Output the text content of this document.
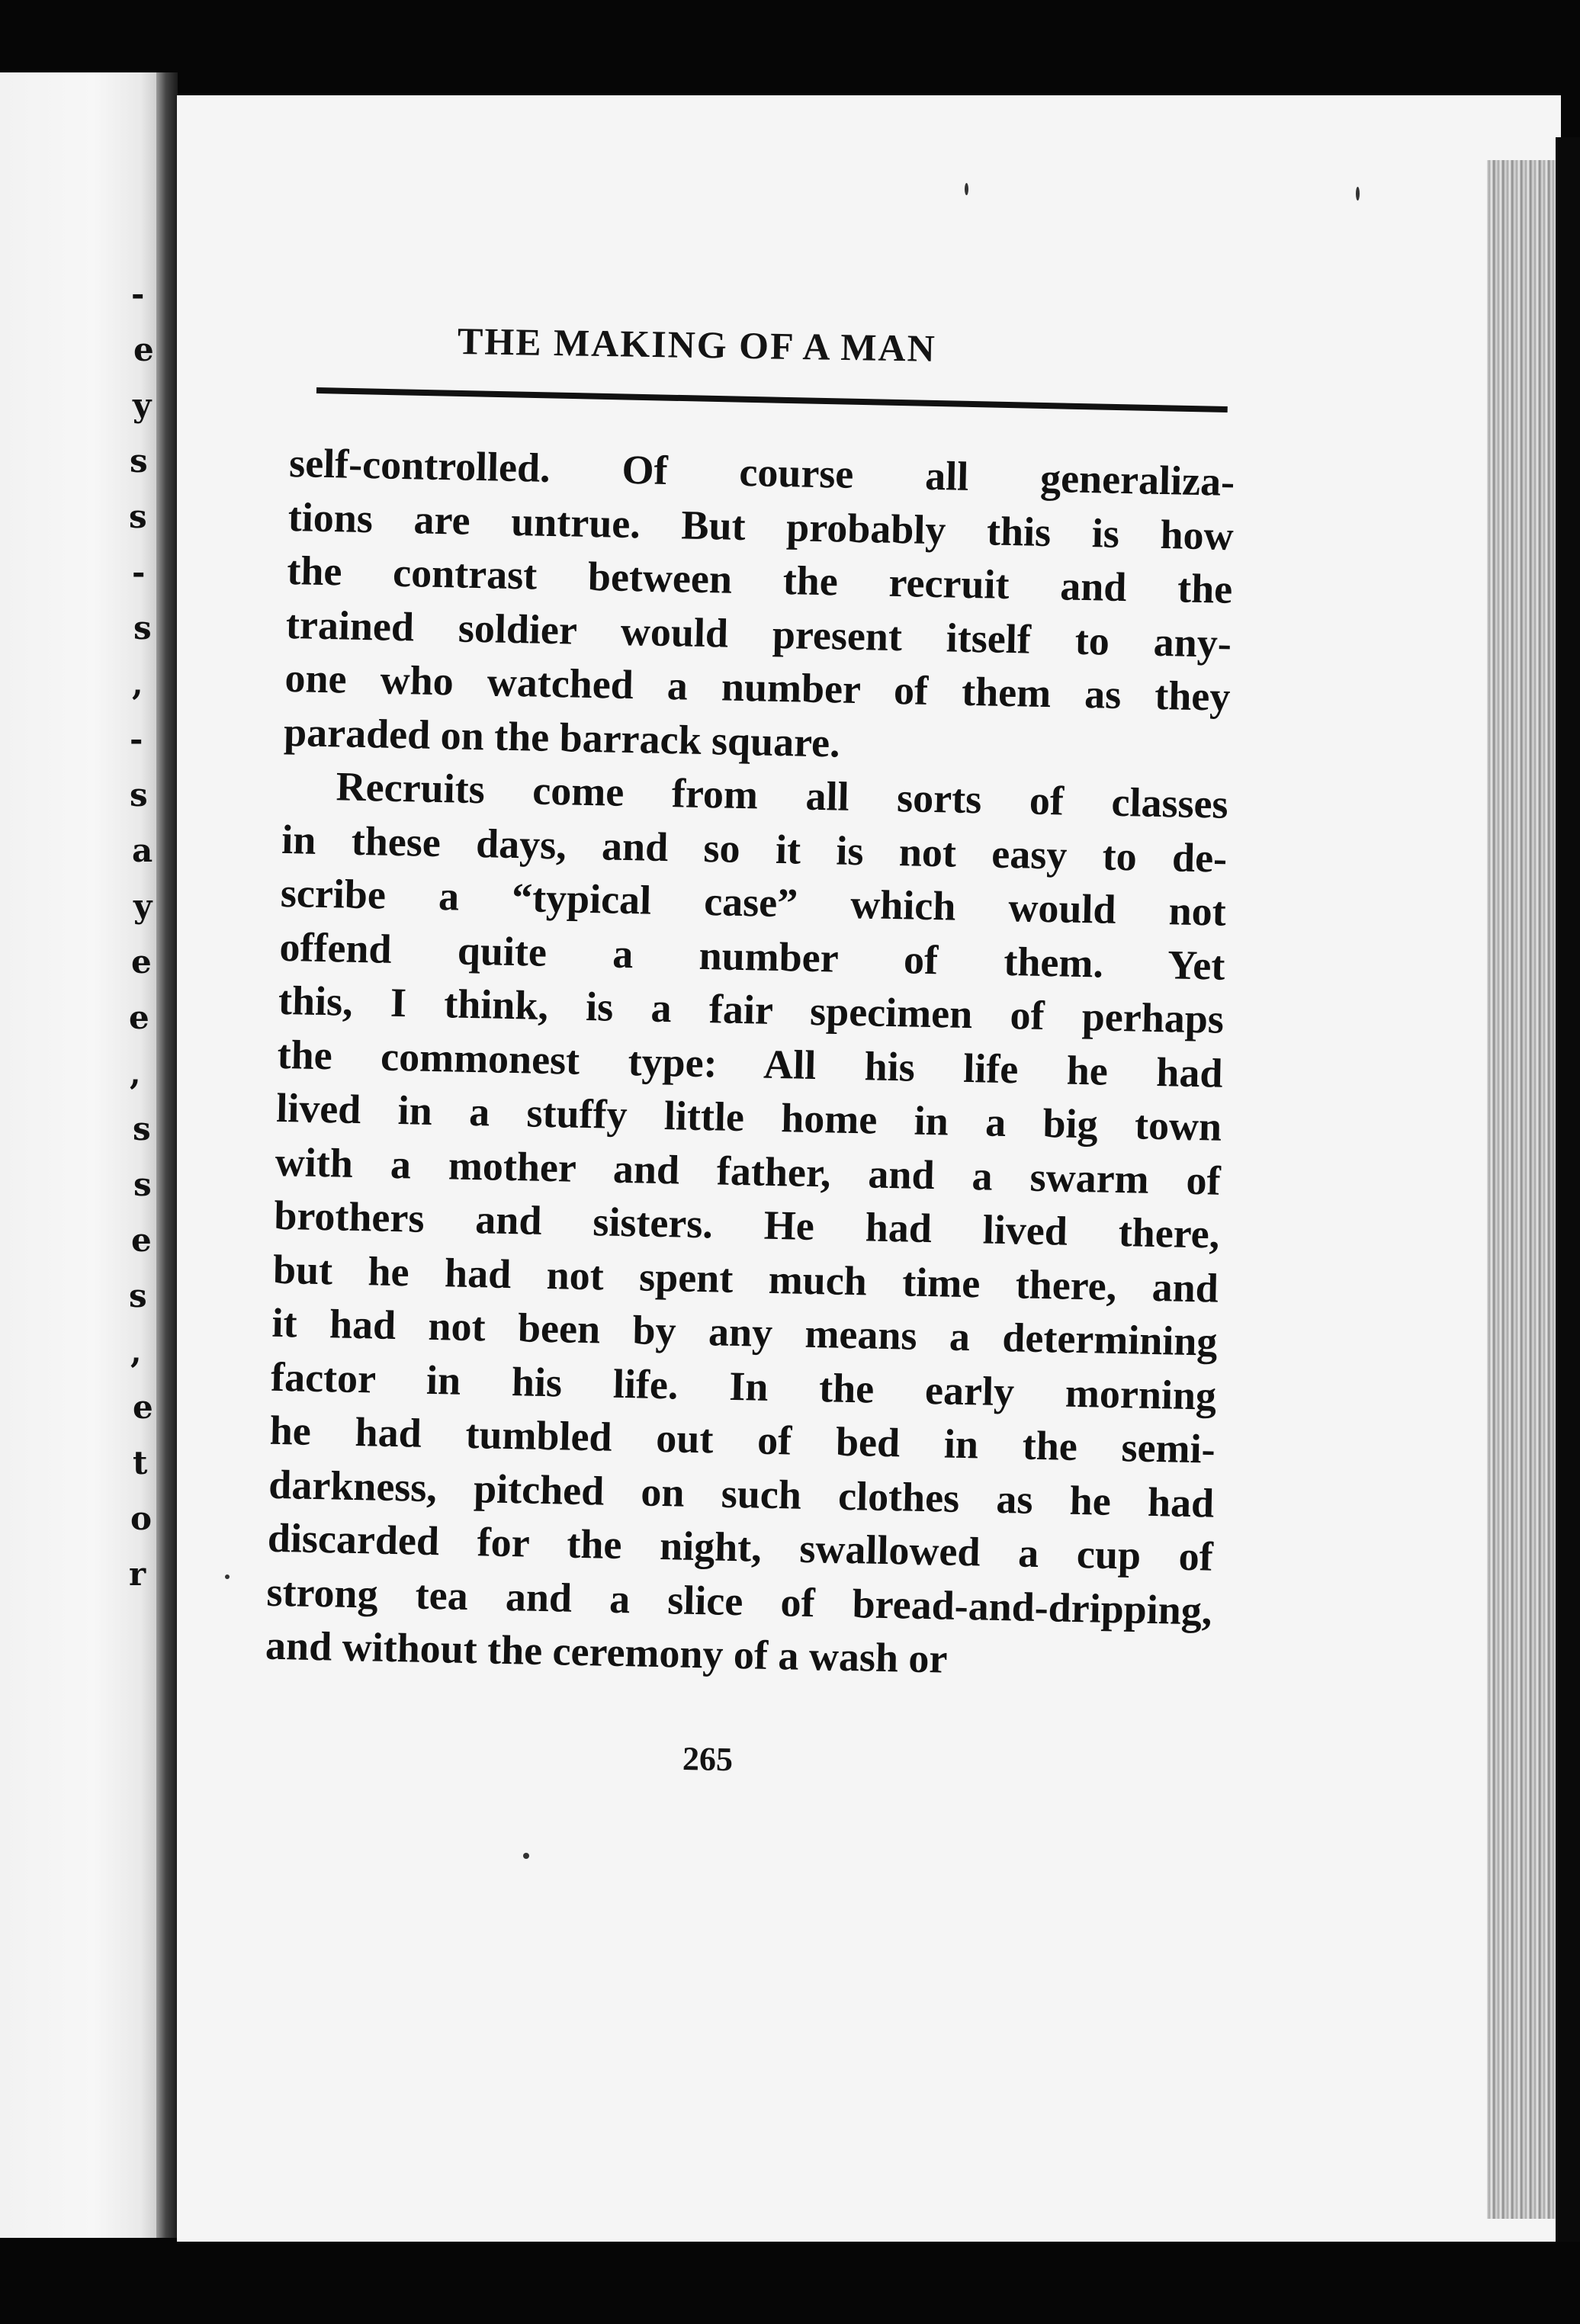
-
e
y
s
s
-
s
,
-
s
a
y
e
e
,
s
s
e
s
,
e
t
o
r
THE MAKING OF A MAN
self-controlled. Of course all generaliza-
tions are untrue. But probably this is how
the contrast between the recruit and the
trained soldier would present itself to any-
one who watched a number of them as they
paraded on the barrack square.
Recruits come from all sorts of classes
in these days, and so it is not easy to de-
scribe a “typical case” which would not
offend quite a number of them. Yet
this, I think, is a fair specimen of perhaps
the commonest type: All his life he had
lived in a stuffy little home in a big town
with a mother and father, and a swarm of
brothers and sisters. He had lived there,
but he had not spent much time there, and
it had not been by any means a determining
factor in his life. In the early morning
he had tumbled out of bed in the semi-
darkness, pitched on such clothes as he had
discarded for the night, swallowed a cup of
strong tea and a slice of bread-and-dripping,
and without the ceremony of a wash or
265
